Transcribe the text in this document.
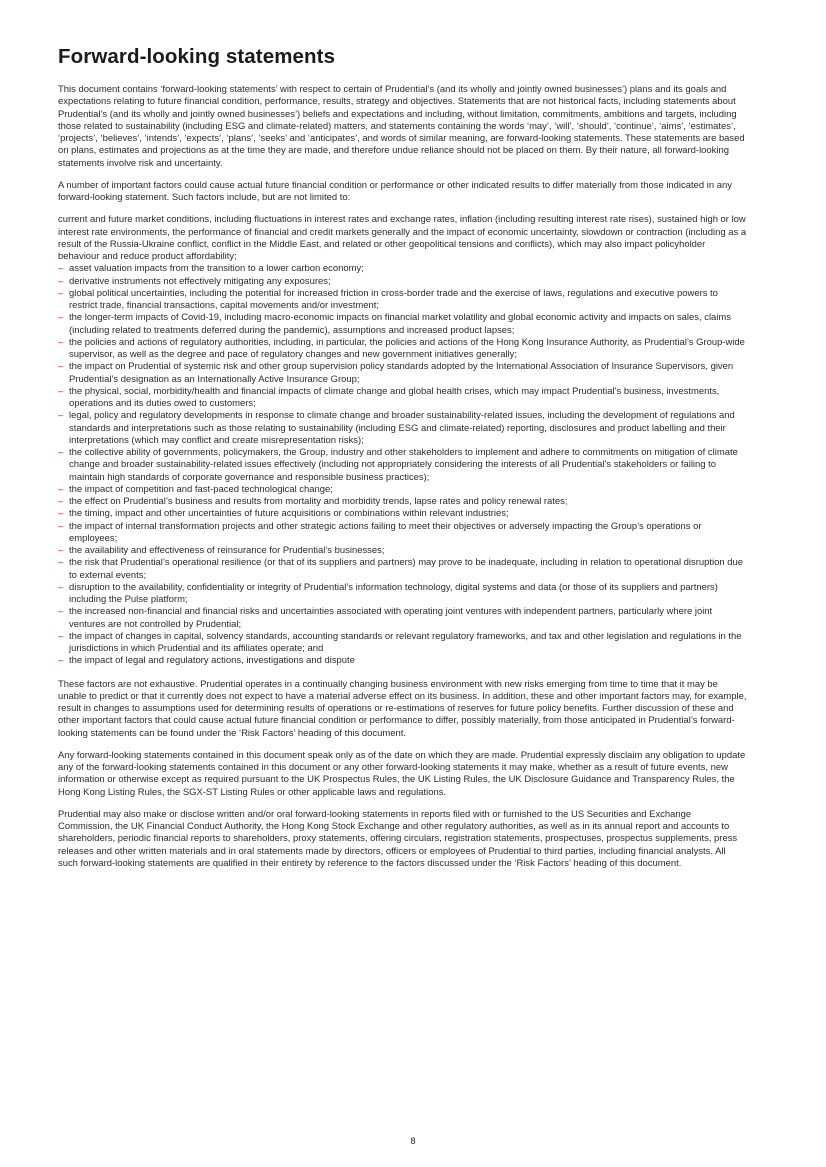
Forward-looking statements

This document contains ‘forward-looking statements’ with respect to certain of Prudential’s (and its wholly and jointly owned businesses’) plans and its goals and expectations relating to future financial condition, performance, results, strategy and objectives. Statements that are not historical facts, including statements about Prudential’s (and its wholly and jointly owned businesses’) beliefs and expectations and including, without limitation, commitments, ambitions and targets, including those related to sustainability (including ESG and climate-related) matters, and statements containing the words ‘may’, ‘will’, ‘should’, ‘continue’, ‘aims’, ‘estimates’, ‘projects’, ‘believes’, ‘intends’, ‘expects’, ‘plans’, ‘seeks’ and ‘anticipates’, and words of similar meaning, are forward-looking statements. These statements are based on plans, estimates and projections as at the time they are made, and therefore undue reliance should not be placed on them. By their nature, all forward-looking statements involve risk and uncertainty.

A number of important factors could cause actual future financial condition or performance or other indicated results to differ materially from those indicated in any forward-looking statement. Such factors include, but are not limited to:

current and future market conditions, including fluctuations in interest rates and exchange rates, inflation (including resulting interest rate rises), sustained high or low interest rate environments, the performance of financial and credit markets generally and the impact of economic uncertainty, slowdown or contraction (including as a result of the Russia-Ukraine conflict, conflict in the Middle East, and related or other geopolitical tensions and conflicts), which may also impact policyholder behaviour and reduce product affordability;

– asset valuation impacts from the transition to a lower carbon economy;
– derivative instruments not effectively mitigating any exposures;
– global political uncertainties, including the potential for increased friction in cross-border trade and the exercise of laws, regulations and executive powers to restrict trade, financial transactions, capital movements and/or investment;
– the longer-term impacts of Covid-19, including macro-economic impacts on financial market volatility and global economic activity and impacts on sales, claims (including related to treatments deferred during the pandemic), assumptions and increased product lapses;
– the policies and actions of regulatory authorities, including, in particular, the policies and actions of the Hong Kong Insurance Authority, as Prudential’s Group-wide supervisor, as well as the degree and pace of regulatory changes and new government initiatives generally;
– the impact on Prudential of systemic risk and other group supervision policy standards adopted by the International Association of Insurance Supervisors, given Prudential’s designation as an Internationally Active Insurance Group;
– the physical, social, morbidity/health and financial impacts of climate change and global health crises, which may impact Prudential’s business, investments, operations and its duties owed to customers;
– legal, policy and regulatory developments in response to climate change and broader sustainability-related issues, including the development of regulations and standards and interpretations such as those relating to sustainability (including ESG and climate-related) reporting, disclosures and product labelling and their interpretations (which may conflict and create misrepresentation risks);
– the collective ability of governments, policymakers, the Group, industry and other stakeholders to implement and adhere to commitments on mitigation of climate change and broader sustainability-related issues effectively (including not appropriately considering the interests of all Prudential’s stakeholders or failing to maintain high standards of corporate governance and responsible business practices);
– the impact of competition and fast-paced technological change;
– the effect on Prudential’s business and results from mortality and morbidity trends, lapse rates and policy renewal rates;
– the timing, impact and other uncertainties of future acquisitions or combinations within relevant industries;
– the impact of internal transformation projects and other strategic actions failing to meet their objectives or adversely impacting the Group’s operations or employees;
– the availability and effectiveness of reinsurance for Prudential’s businesses;
– the risk that Prudential’s operational resilience (or that of its suppliers and partners) may prove to be inadequate, including in relation to operational disruption due to external events;
– disruption to the availability, confidentiality or integrity of Prudential’s information technology, digital systems and data (or those of its suppliers and partners) including the Pulse platform;
– the increased non-financial and financial risks and uncertainties associated with operating joint ventures with independent partners, particularly where joint ventures are not controlled by Prudential;
– the impact of changes in capital, solvency standards, accounting standards or relevant regulatory frameworks, and tax and other legislation and regulations in the jurisdictions in which Prudential and its affiliates operate; and
– the impact of legal and regulatory actions, investigations and dispute

These factors are not exhaustive. Prudential operates in a continually changing business environment with new risks emerging from time to time that it may be unable to predict or that it currently does not expect to have a material adverse effect on its business. In addition, these and other important factors may, for example, result in changes to assumptions used for determining results of operations or re-estimations of reserves for future policy benefits. Further discussion of these and other important factors that could cause actual future financial condition or performance to differ, possibly materially, from those anticipated in Prudential’s forward-looking statements can be found under the ‘Risk Factors’ heading of this document.

Any forward-looking statements contained in this document speak only as of the date on which they are made. Prudential expressly disclaim any obligation to update any of the forward-looking statements contained in this document or any other forward-looking statements it may make, whether as a result of future events, new information or otherwise except as required pursuant to the UK Prospectus Rules, the UK Listing Rules, the UK Disclosure Guidance and Transparency Rules, the Hong Kong Listing Rules, the SGX-ST Listing Rules or other applicable laws and regulations.

Prudential may also make or disclose written and/or oral forward-looking statements in reports filed with or furnished to the US Securities and Exchange Commission, the UK Financial Conduct Authority, the Hong Kong Stock Exchange and other regulatory authorities, as well as in its annual report and accounts to shareholders, periodic financial reports to shareholders, proxy statements, offering circulars, registration statements, prospectuses, prospectus supplements, press releases and other written materials and in oral statements made by directors, officers or employees of Prudential to third parties, including financial analysts. All such forward-looking statements are qualified in their entirety by reference to the factors discussed under the ‘Risk Factors’ heading of this document.

8
